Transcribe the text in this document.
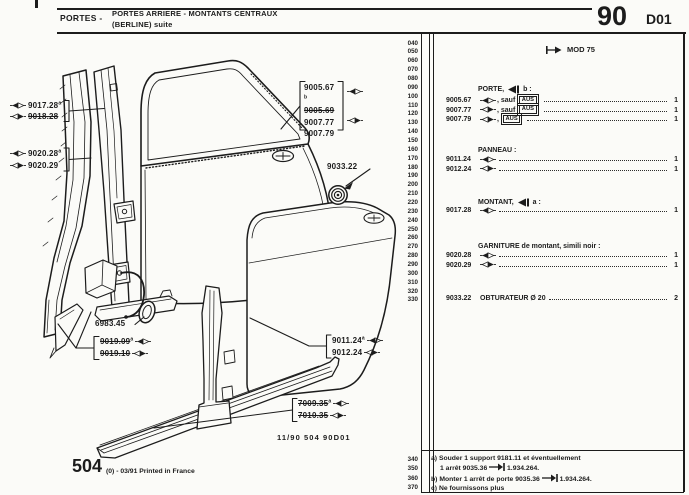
PORTES - PORTES ARRIERE - MONTANTS CENTRAUX
(BERLINE) suite	90 D01
040
050
060
070
080
090
100
110
120
130
140
150
160
170
180
190
200
210
220
230
240
250
260
270
280
290
300
310
320
330
340
350
360
370
9017.28$^a$
9018.28
9020.28$^a$
9020.29
9005.67
$^b$
9005.69
9007.77
9007.79
9033.22
6983.45
9019.09$^a$
9019.10
9011.24$^a$
9012.24
7009.35$^a$
7010.35
11/90 504 90D01
504 (0) - 03/91 Printed in France
MOD 75
PORTE,	b :
9005.67	, sauf	AUS	1
9007.77	, sauf	AUS	1
9007.79	,	AUS	1
PANNEAU :
9011.24	1
9012.24	1
MONTANT,	a :
9017.28	1
GARNITURE de montant, simili noir :
9020.28	1
9020.29	1
9033.22	OBTURATEUR Ø 20	2
a) Souder 1 support 9181.11 et éventuellement
1 arrêt 9035.36	1.934.264.
b) Monter 1 arrêt de porte 9035.36	1.934.264.
c) Ne fournissons plus
